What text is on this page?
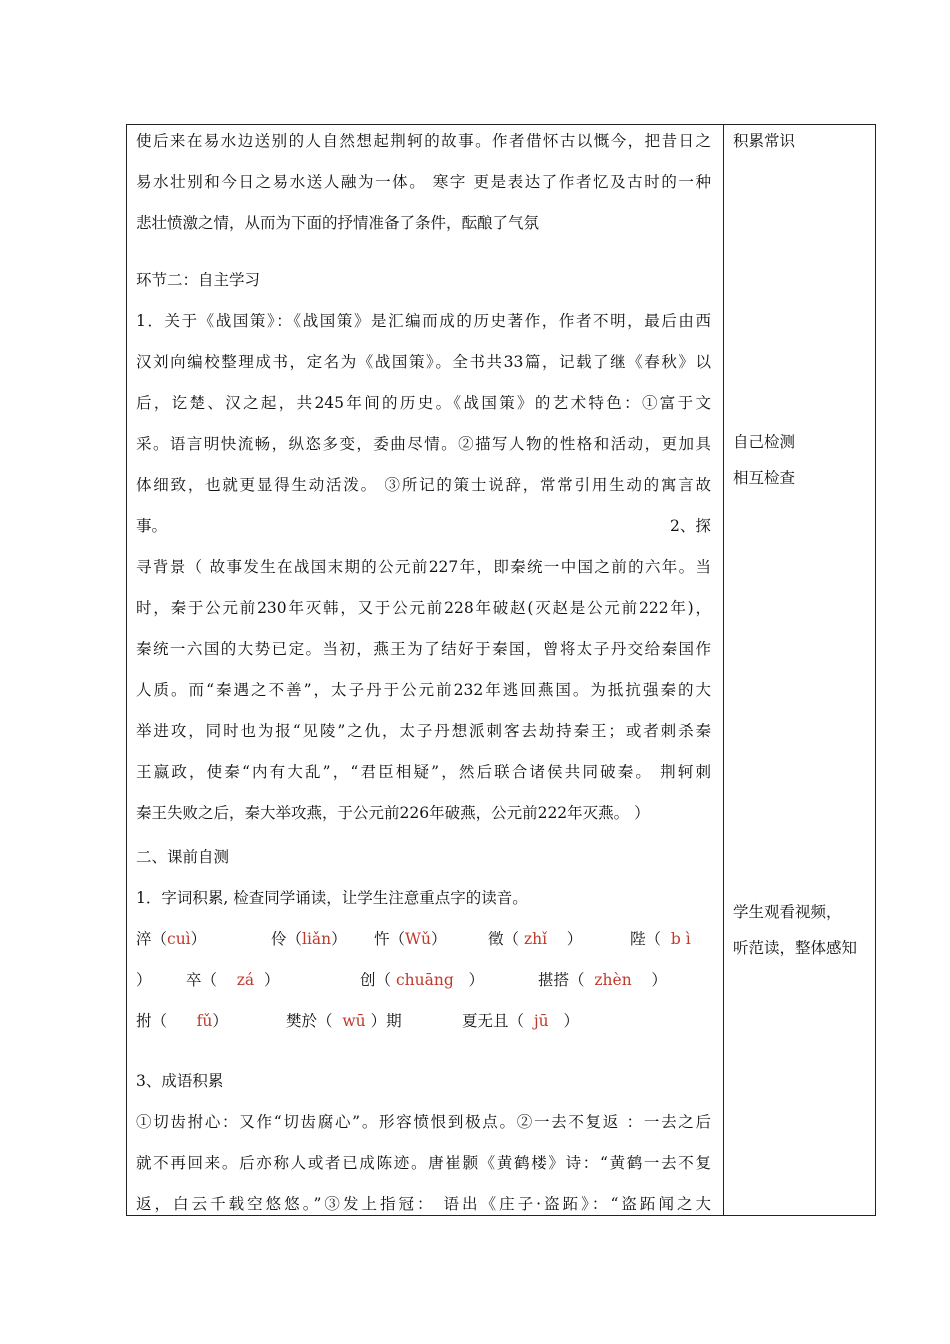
使后来在易水边送别的人自然想起荆轲的故事。作者借怀古以慨今，把昔日之
易水壮别和今日之易水送人融为一体。 寒字 更是表达了作者忆及古时的一种
悲壮愤激之情，从而为下面的抒情准备了条件，酝酿了气氛
环节二：自主学习
1．关于《战国策》：《战国策》是汇编而成的历史著作，作者不明，最后由西
汉刘向编校整理成书，定名为《战国策》。全书共33篇，记载了继《春秋》以
后，讫楚、汉之起，共245年间的历史。《战国策》的艺术特色：①富于文
采。语言明快流畅，纵恣多变，委曲尽情。②描写人物的性格和活动，更加具
体细致，也就更显得生动活泼。 ③所记的策士说辞，常常引用生动的寓言故
事。	2、探
寻背景（ 故事发生在战国末期的公元前227年，即秦统一中国之前的六年。当
时，秦于公元前230年灭韩，又于公元前228年破赵(灭赵是公元前222年)，
秦统一六国的大势已定。当初，燕王为了结好于秦国，曾将太子丹交给秦国作
人质。而“秦遇之不善”，太子丹于公元前232年逃回燕国。为抵抗强秦的大
举进攻，同时也为报“见陵”之仇，太子丹想派刺客去劫持秦王；或者刺杀秦
王嬴政，使秦“内有大乱”，“君臣相疑”，然后联合诸侯共同破秦。 荆轲刺
秦王失败之后，秦大举攻燕，于公元前226年破燕，公元前222年灭燕。 ）
二、课前自测
1．字词积累, 检查同学诵读，让学生注意重点字的读音。
淬（cuì）	伶（liǎn） 忤（Wǔ）	徵（ zhǐ ）	陛（ b ì
） 卒（ zá ）	创（ chuāng ）	揕搭（ zhèn ）
拊（ fǔ）	樊於（ wū ）期	夏无且（ jū ）
3、成语积累
①切齿拊心：又作“切齿腐心”。形容愤恨到极点。②一去不复返 ：一去之后
就不再回来。后亦称人或者已成陈迹。唐崔颢《黄鹤楼》诗：“黄鹤一去不复
返，白云千载空悠悠。”③发上指冠： 语出《庄子·盗跖》：“盗跖闻之大
积累常识
自己检测
相互检查
学生观看视频，
听范读，整体感知
